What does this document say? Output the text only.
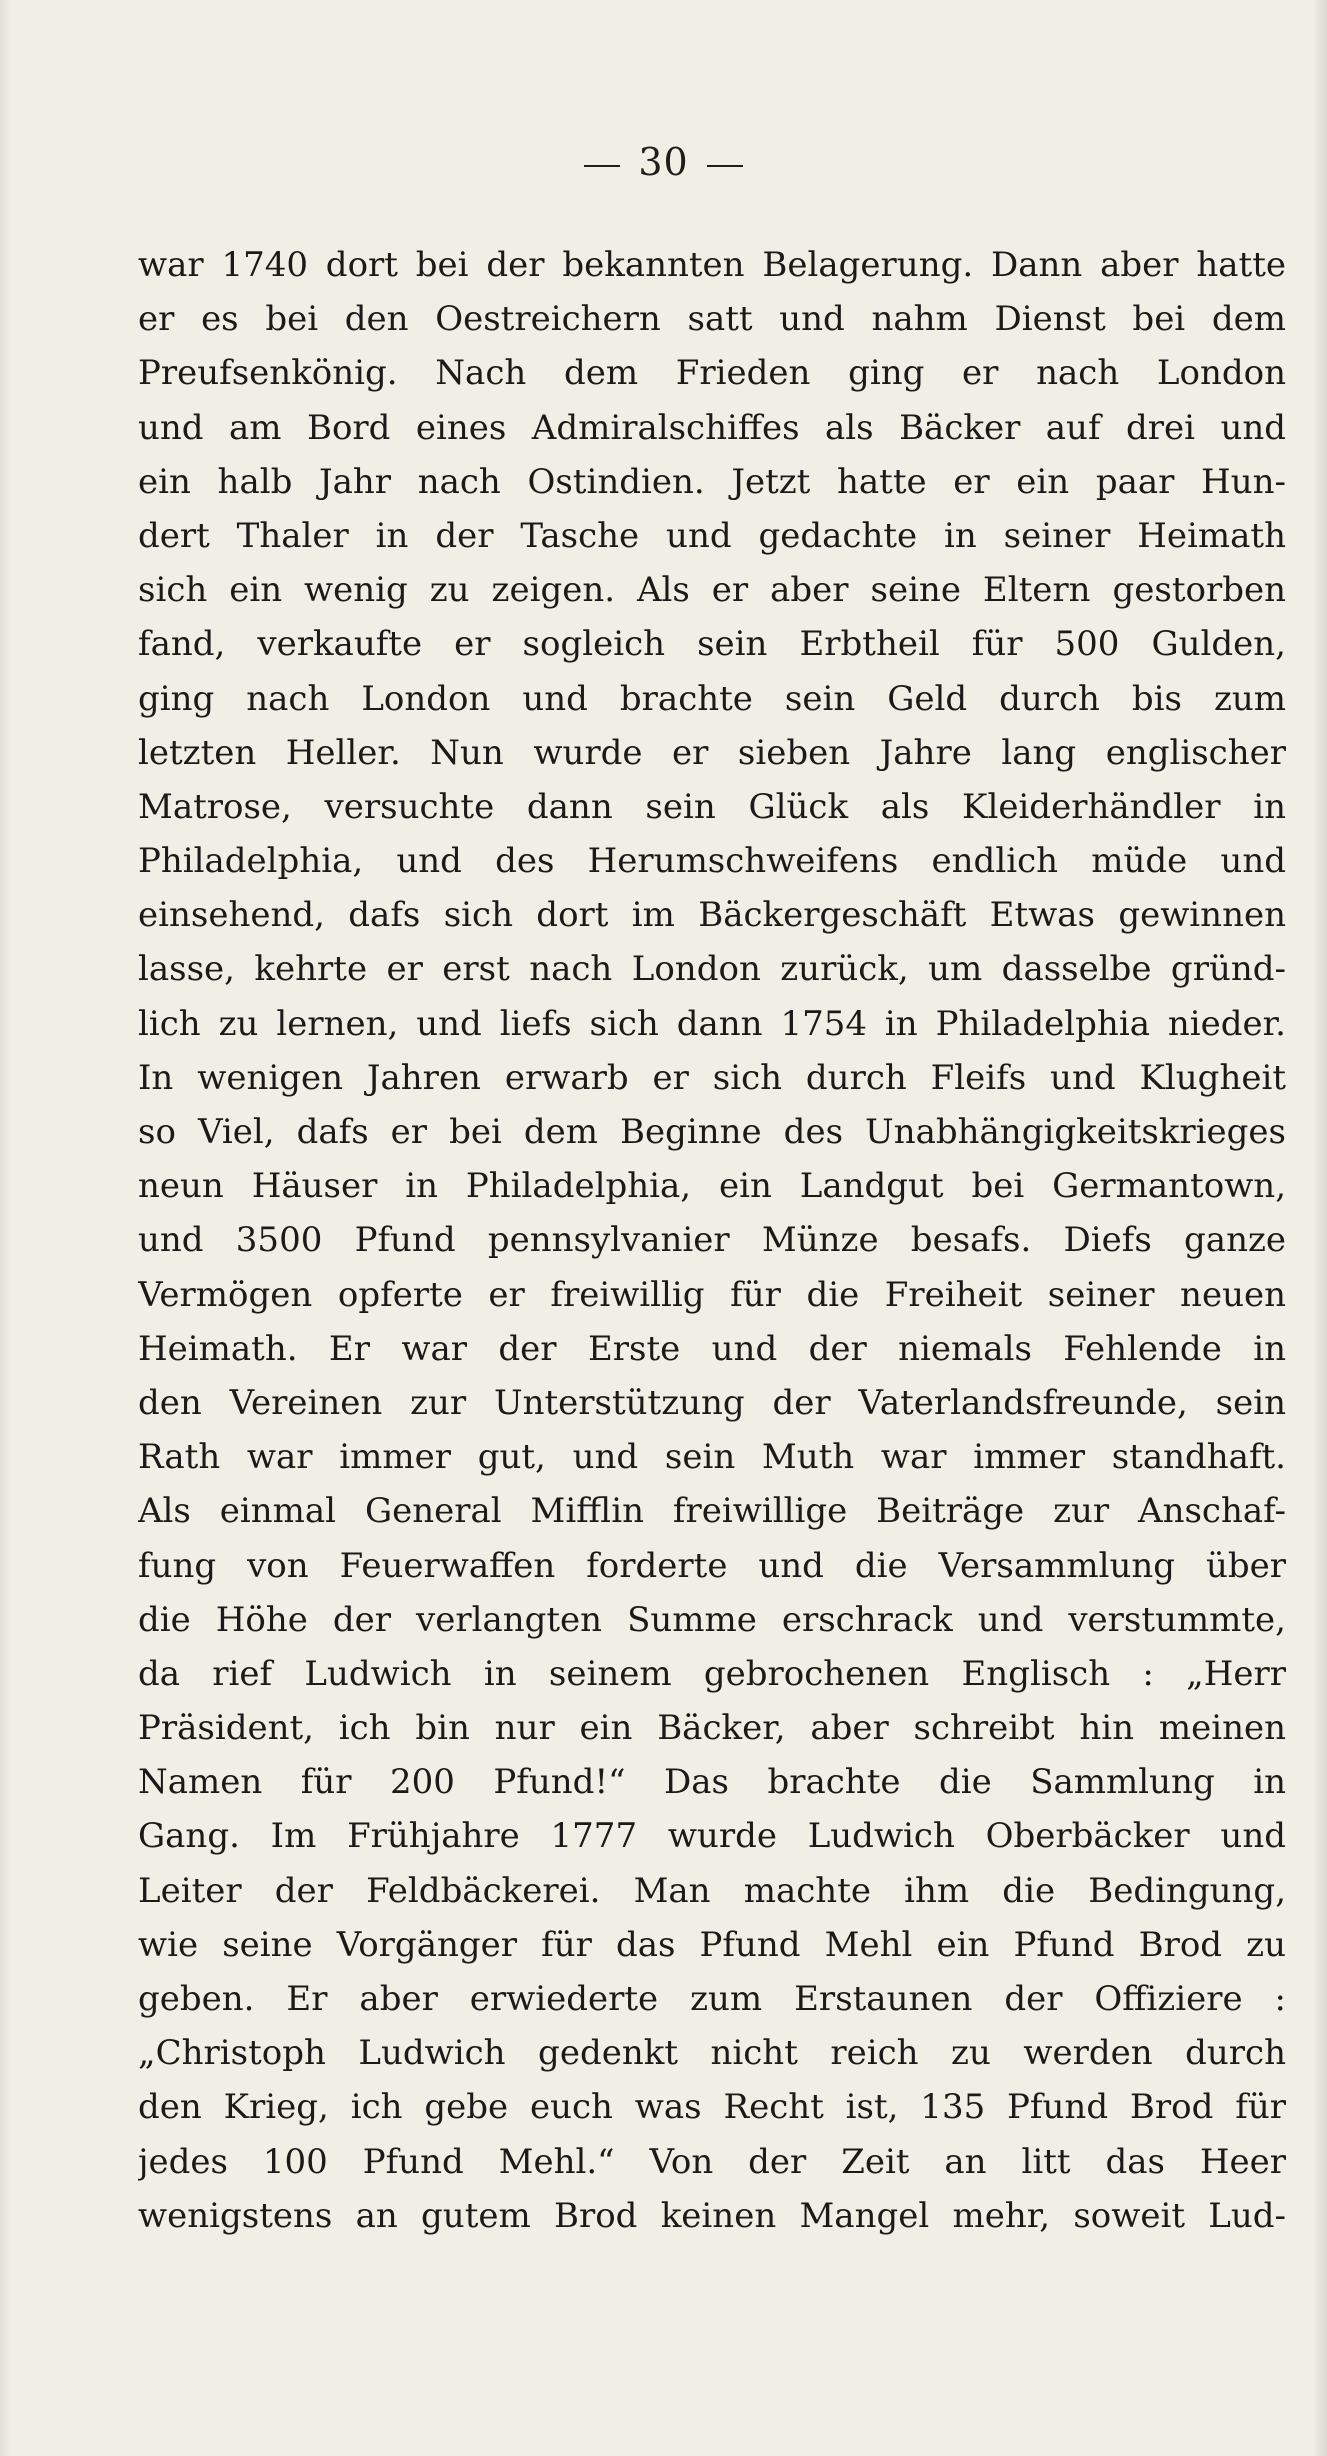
30
war 1740 dort bei der bekannten Belagerung. Dann aber hatte
er es bei den Oestreichern satt und nahm Dienst bei dem
Preufsenkönig. Nach dem Frieden ging er nach London
und am Bord eines Admiralschiffes als Bäcker auf drei und
ein halb Jahr nach Ostindien. Jetzt hatte er ein paar Hun-
dert Thaler in der Tasche und gedachte in seiner Heimath
sich ein wenig zu zeigen. Als er aber seine Eltern gestorben
fand, verkaufte er sogleich sein Erbtheil für 500 Gulden,
ging nach London und brachte sein Geld durch bis zum
letzten Heller. Nun wurde er sieben Jahre lang englischer
Matrose, versuchte dann sein Glück als Kleiderhändler in
Philadelphia, und des Herumschweifens endlich müde und
einsehend, dafs sich dort im Bäckergeschäft Etwas gewinnen
lasse, kehrte er erst nach London zurück, um dasselbe gründ-
lich zu lernen, und liefs sich dann 1754 in Philadelphia nieder.
In wenigen Jahren erwarb er sich durch Fleifs und Klugheit
so Viel, dafs er bei dem Beginne des Unabhängigkeitskrieges
neun Häuser in Philadelphia, ein Landgut bei Germantown,
und 3500 Pfund pennsylvanier Münze besafs. Diefs ganze
Vermögen opferte er freiwillig für die Freiheit seiner neuen
Heimath. Er war der Erste und der niemals Fehlende in
den Vereinen zur Unterstützung der Vaterlandsfreunde, sein
Rath war immer gut, und sein Muth war immer standhaft.
Als einmal General Mifflin freiwillige Beiträge zur Anschaf-
fung von Feuerwaffen forderte und die Versammlung über
die Höhe der verlangten Summe erschrack und verstummte,
da rief Ludwich in seinem gebrochenen Englisch : „Herr
Präsident, ich bin nur ein Bäcker, aber schreibt hin meinen
Namen für 200 Pfund!“ Das brachte die Sammlung in
Gang. Im Frühjahre 1777 wurde Ludwich Oberbäcker und
Leiter der Feldbäckerei. Man machte ihm die Bedingung,
wie seine Vorgänger für das Pfund Mehl ein Pfund Brod zu
geben. Er aber erwiederte zum Erstaunen der Offiziere :
„Christoph Ludwich gedenkt nicht reich zu werden durch
den Krieg, ich gebe euch was Recht ist, 135 Pfund Brod für
jedes 100 Pfund Mehl.“ Von der Zeit an litt das Heer
wenigstens an gutem Brod keinen Mangel mehr, soweit Lud-
